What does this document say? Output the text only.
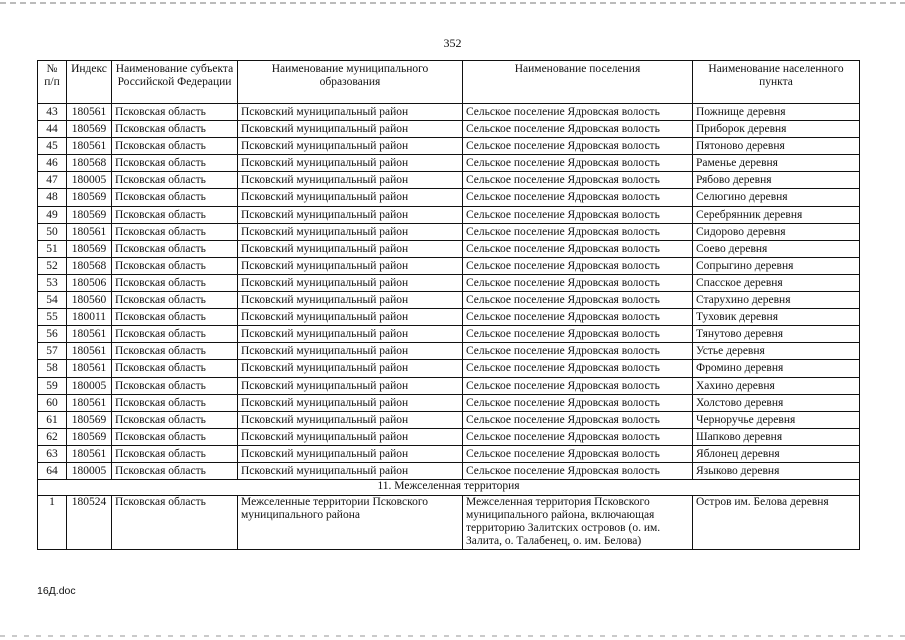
352
№ п/п	Индекс	Наименование субъекта Российской Федерации	Наименование муниципального образования	Наименование поселения	Наименование населенного пункта
43	180561	Псковская область	Псковский муниципальный район	Сельское поселение Ядровская волость	Пожнище деревня
44	180569	Псковская область	Псковский муниципальный район	Сельское поселение Ядровская волость	Приборок деревня
45	180561	Псковская область	Псковский муниципальный район	Сельское поселение Ядровская волость	Пятоново деревня
46	180568	Псковская область	Псковский муниципальный район	Сельское поселение Ядровская волость	Раменье деревня
47	180005	Псковская область	Псковский муниципальный район	Сельское поселение Ядровская волость	Рябово деревня
48	180569	Псковская область	Псковский муниципальный район	Сельское поселение Ядровская волость	Селюгино деревня
49	180569	Псковская область	Псковский муниципальный район	Сельское поселение Ядровская волость	Серебрянник деревня
50	180561	Псковская область	Псковский муниципальный район	Сельское поселение Ядровская волость	Сидорово деревня
51	180569	Псковская область	Псковский муниципальный район	Сельское поселение Ядровская волость	Соево деревня
52	180568	Псковская область	Псковский муниципальный район	Сельское поселение Ядровская волость	Сопрыгино деревня
53	180506	Псковская область	Псковский муниципальный район	Сельское поселение Ядровская волость	Спасское деревня
54	180560	Псковская область	Псковский муниципальный район	Сельское поселение Ядровская волость	Старухино деревня
55	180011	Псковская область	Псковский муниципальный район	Сельское поселение Ядровская волость	Туховик деревня
56	180561	Псковская область	Псковский муниципальный район	Сельское поселение Ядровская волость	Тянутово деревня
57	180561	Псковская область	Псковский муниципальный район	Сельское поселение Ядровская волость	Устье деревня
58	180561	Псковская область	Псковский муниципальный район	Сельское поселение Ядровская волость	Фромино деревня
59	180005	Псковская область	Псковский муниципальный район	Сельское поселение Ядровская волость	Хахино деревня
60	180561	Псковская область	Псковский муниципальный район	Сельское поселение Ядровская волость	Холстово деревня
61	180569	Псковская область	Псковский муниципальный район	Сельское поселение Ядровская волость	Черноручье деревня
62	180569	Псковская область	Псковский муниципальный район	Сельское поселение Ядровская волость	Шапково деревня
63	180561	Псковская область	Псковский муниципальный район	Сельское поселение Ядровская волость	Яблонец деревня
64	180005	Псковская область	Псковский муниципальный район	Сельское поселение Ядровская волость	Языково деревня
11. Межселенная территория					
1	180524	Псковская область	Межселенные территории Псковского муниципального района	Межселенная территория Псковского муниципального района, включающая территорию Залитских островов (о. им. Залита, о. Талабенец, о. им. Белова)	Остров им. Белова деревня
16Д.doc
